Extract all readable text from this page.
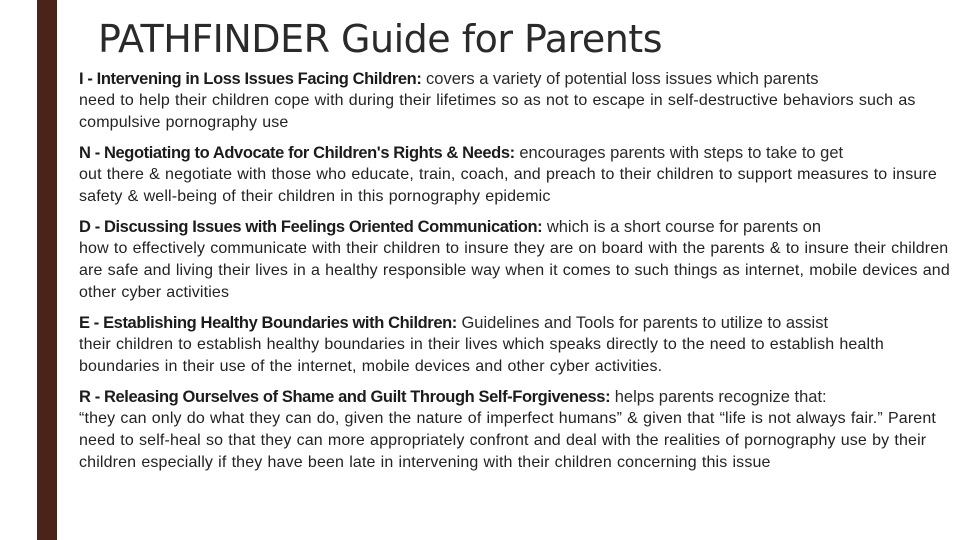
PATHFINDER Guide for Parents
I - Intervening in Loss Issues Facing Children: covers a variety of potential loss issues which parents
need to help their children cope with during their lifetimes so as not to escape in self-destructive behaviors such as compulsive pornography use
N - Negotiating to Advocate for Children's Rights & Needs: encourages parents with steps to take to get
out there & negotiate with those who educate, train, coach, and preach to their children to support measures to insure safety & well-being of their children in this pornography epidemic
D - Discussing Issues with Feelings Oriented Communication: which is a short course for parents on
how to effectively communicate with their children to insure they are on board with the parents & to insure their children are safe and living their lives in a healthy responsible way when it comes to such things as internet, mobile devices and other cyber activities
E - Establishing Healthy Boundaries with Children: Guidelines and Tools for parents to utilize to assist
their children to establish healthy boundaries in their lives which speaks directly to the need to establish health boundaries in their use of the internet, mobile devices and other cyber activities.
R - Releasing Ourselves of Shame and Guilt Through Self-Forgiveness: helps parents recognize that:
“they can only do what they can do, given the nature of imperfect humans” & given that “life is not always fair.” Parent need to self-heal so that they can more appropriately confront and deal with the realities of pornography use by their children especially if they have been late in intervening with their children concerning this issue
